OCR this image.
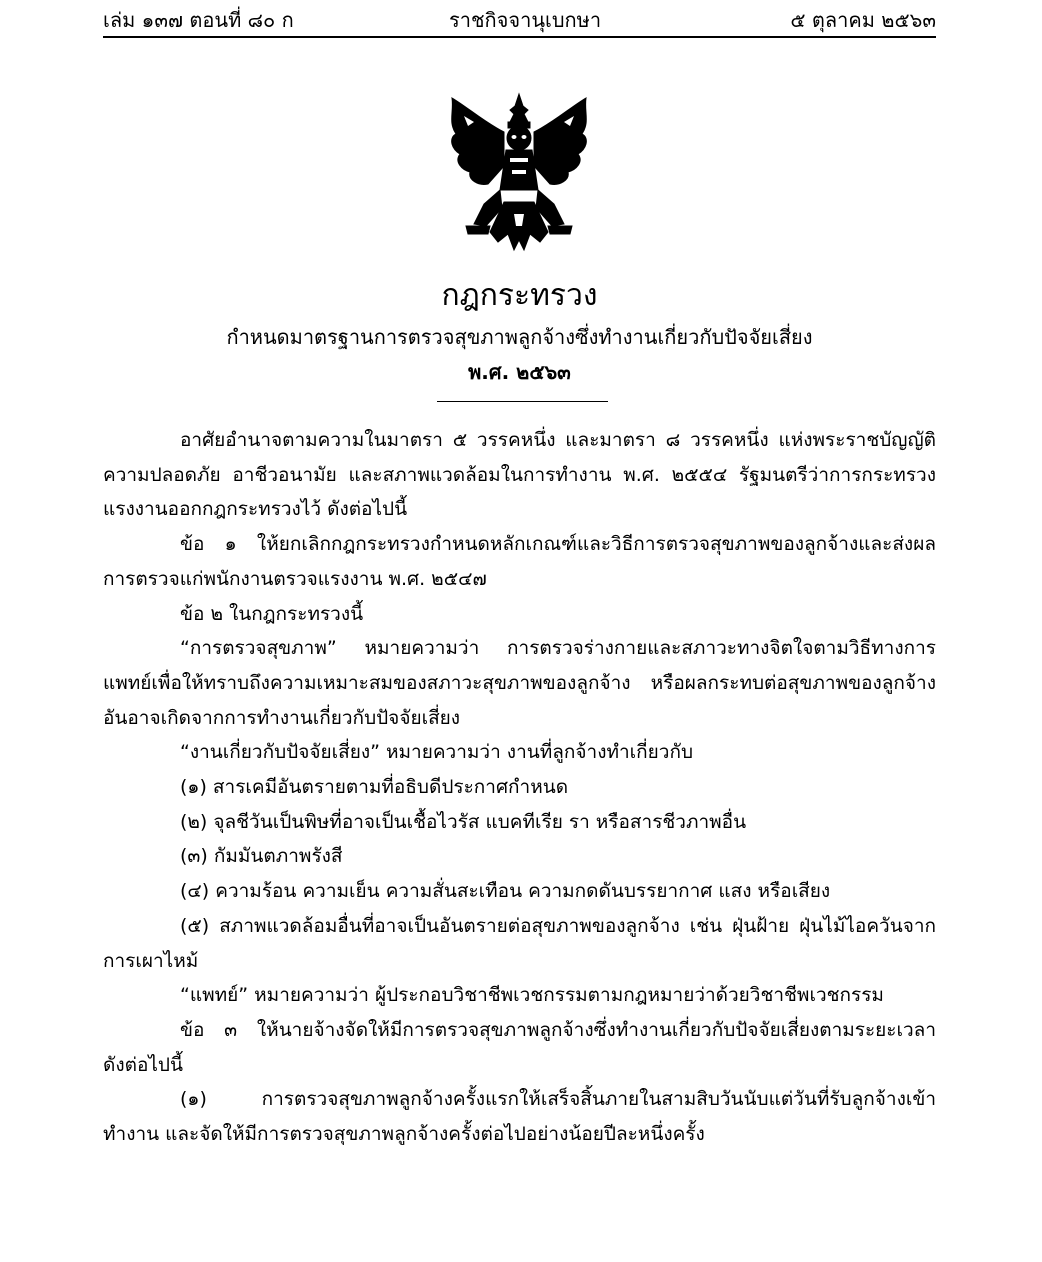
เล่ม ๑๓๗ ตอนที่ ๘๐ ก	ราชกิจจานุเบกษา	๕ ตุลาคม ๒๕๖๓
กฎกระทรวง
กำหนดมาตรฐานการตรวจสุขภาพลูกจ้างซึ่งทำงานเกี่ยวกับปัจจัยเสี่ยง
พ.ศ. ๒๕๖๓

อาศัยอำนาจตามความในมาตรา ๕ วรรคหนึ่ง และมาตรา ๘ วรรคหนึ่ง แห่งพระราชบัญญัติความปลอดภัย อาชีวอนามัย และสภาพแวดล้อมในการทำงาน พ.ศ. ๒๕๕๔ รัฐมนตรีว่าการกระทรวงแรงงานออกกฎกระทรวงไว้ ดังต่อไปนี้

ข้อ ๑ ให้ยกเลิกกฎกระทรวงกำหนดหลักเกณฑ์และวิธีการตรวจสุขภาพของลูกจ้างและส่งผลการตรวจแก่พนักงานตรวจแรงงาน พ.ศ. ๒๕๔๗

ข้อ ๒ ในกฎกระทรวงนี้

“การตรวจสุขภาพ” หมายความว่า การตรวจร่างกายและสภาวะทางจิตใจตามวิธีทางการแพทย์เพื่อให้ทราบถึงความเหมาะสมของสภาวะสุขภาพของลูกจ้าง หรือผลกระทบต่อสุขภาพของลูกจ้างอันอาจเกิดจากการทำงานเกี่ยวกับปัจจัยเสี่ยง

“งานเกี่ยวกับปัจจัยเสี่ยง” หมายความว่า งานที่ลูกจ้างทำเกี่ยวกับ

(๑) สารเคมีอันตรายตามที่อธิบดีประกาศกำหนด

(๒) จุลชีวันเป็นพิษที่อาจเป็นเชื้อไวรัส แบคทีเรีย รา หรือสารชีวภาพอื่น

(๓) กัมมันตภาพรังสี

(๔) ความร้อน ความเย็น ความสั่นสะเทือน ความกดดันบรรยากาศ แสง หรือเสียง

(๕) สภาพแวดล้อมอื่นที่อาจเป็นอันตรายต่อสุขภาพของลูกจ้าง เช่น ฝุ่นฝ้าย ฝุ่นไม้ไอควันจากการเผาไหม้

“แพทย์” หมายความว่า ผู้ประกอบวิชาชีพเวชกรรมตามกฎหมายว่าด้วยวิชาชีพเวชกรรม

ข้อ ๓ ให้นายจ้างจัดให้มีการตรวจสุขภาพลูกจ้างซึ่งทำงานเกี่ยวกับปัจจัยเสี่ยงตามระยะเวลา ดังต่อไปนี้

(๑) การตรวจสุขภาพลูกจ้างครั้งแรกให้เสร็จสิ้นภายในสามสิบวันนับแต่วันที่รับลูกจ้างเข้าทำงาน และจัดให้มีการตรวจสุขภาพลูกจ้างครั้งต่อไปอย่างน้อยปีละหนึ่งครั้ง
